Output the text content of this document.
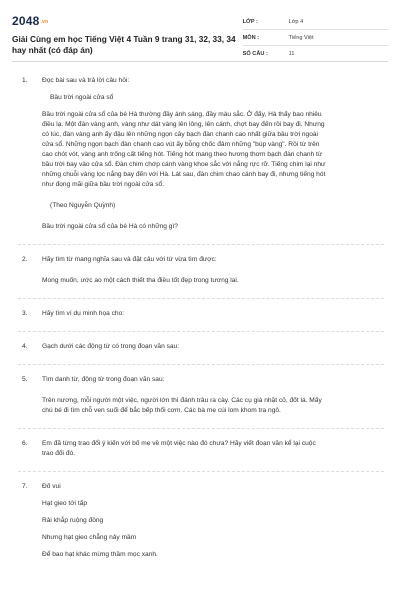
2048.vn
Giải Cùng em học Tiếng Việt 4 Tuần 9 trang 31, 32, 33, 34
hay nhất (có đáp án)
LỚP :	Lớp 4
MÔN :	Tiếng Việt
SỐ CÂU :	11
1.	Đọc bài sau và trả lời câu hỏi:
Bầu trời ngoài cửa sổ
Bầu trời ngoài cửa sổ của bé Hà thường đầy ánh sáng, đầy màu sắc. Ở đấy, Hà thấy bao nhiêu
điều lạ. Một đàn vàng anh, vàng như dát vàng lên lông, lên cánh, chợt bay đến rồi bay đi. Nhưng
có lúc, đàn vàng anh ấy đậu lên những ngọn cây bạch đàn chanh cao nhất giữa bầu trời ngoài
cửa sổ. Những ngọn bạch đàn chanh cao vút ấy bỗng chốc đâm những "búp vàng". Rồi từ trên
cao chót vót, vàng anh trống cất tiếng hót. Tiếng hót mang theo hương thơm bạch đàn chanh từ
bầu trời bay vào cửa sổ. Đàn chim chớp cánh vàng khoe sắc với nắng rực rỡ. Tiếng chim lại như
những chuỗi vàng lọc nắng bay đến với Hà. Lát sau, đàn chim chao cánh bay đi, nhưng tiếng hót
như đọng mãi giữa bầu trời ngoài cửa sổ.
(Theo Nguyễn Quỳnh)
Bầu trời ngoài cửa sổ của bé Hà có những gì?
2.	Hãy tìm từ mang nghĩa sau và đặt câu với từ vừa tìm được:
Mong muốn, ước ao một cách thiết tha điều tốt đẹp trong tương lai.
3.	Hãy tìm ví dụ minh họa cho:
4.	Gạch dưới các động từ có trong đoạn văn sau:
5.	Tìm danh từ, động từ trong đoạn văn sau:
Trên nương, mỗi người một việc, người lớn thì đánh trâu ra cày. Các cụ già nhặt cỏ, đốt lá. Mấy
chú bé đi tìm chỗ ven suối để bắc bếp thổi cơm. Các bà mẹ cúi lom khom tra ngô.
6.	Em đã từng trao đổi ý kiến với bố mẹ về một việc nào đó chưa? Hãy viết đoạn văn kể lại cuộc
trao đổi đó.
7.	Đố vui
Hạt gieo tới tấp
Rải khắp ruộng đồng
Nhưng hạt gieo chẳng nảy mầm
Để bao hạt khác mừng thầm mọc xanh.
